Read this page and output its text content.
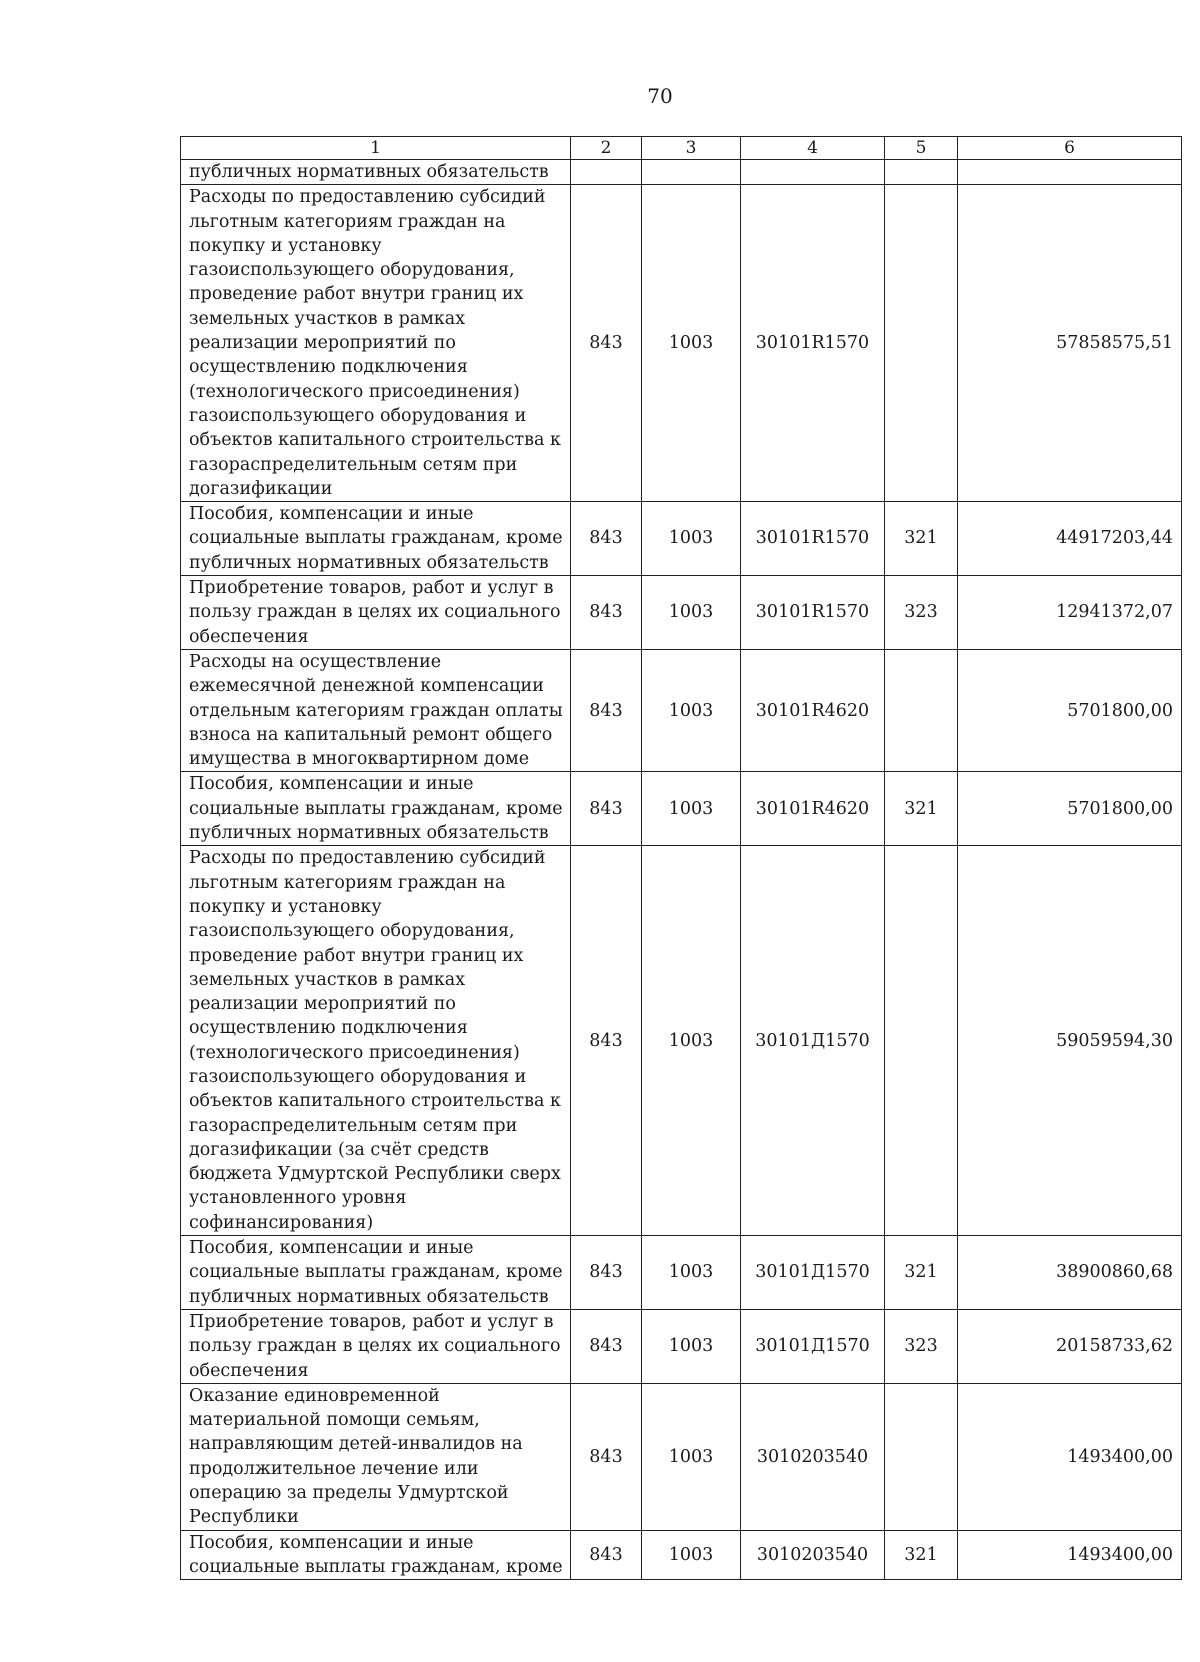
70
1	2	3	4	5	6
публичных нормативных обязательств					
Расходы по предоставлению субсидий льготным категориям граждан на покупку и установку газоиспользующего оборудования, проведение работ внутри границ их земельных участков в рамках реализации мероприятий по осуществлению подключения (технологического присоединения) газоиспользующего оборудования и объектов капитального строительства к газораспределительным сетям при догазификации	843	1003	30101R1570		57858575,51
Пособия, компенсации и иные социальные выплаты гражданам, кроме публичных нормативных обязательств	843	1003	30101R1570	321	44917203,44
Приобретение товаров, работ и услуг в пользу граждан в целях их социального обеспечения	843	1003	30101R1570	323	12941372,07
Расходы на осуществление ежемесячной денежной компенсации отдельным категориям граждан оплаты взноса на капитальный ремонт общего имущества в многоквартирном доме	843	1003	30101R4620		5701800,00
Пособия, компенсации и иные социальные выплаты гражданам, кроме публичных нормативных обязательств	843	1003	30101R4620	321	5701800,00
Расходы по предоставлению субсидий льготным категориям граждан на покупку и установку газоиспользующего оборудования, проведение работ внутри границ их земельных участков в рамках реализации мероприятий по осуществлению подключения (технологического присоединения) газоиспользующего оборудования и объектов капитального строительства к газораспределительным сетям при догазификации (за счёт средств бюджета Удмуртской Республики сверх установленного уровня софинансирования)	843	1003	30101Д1570		59059594,30
Пособия, компенсации и иные социальные выплаты гражданам, кроме публичных нормативных обязательств	843	1003	30101Д1570	321	38900860,68
Приобретение товаров, работ и услуг в пользу граждан в целях их социального обеспечения	843	1003	30101Д1570	323	20158733,62
Оказание единовременной материальной помощи семьям, направляющим детей-инвалидов на продолжительное лечение или операцию за пределы Удмуртской Республики	843	1003	3010203540		1493400,00
Пособия, компенсации и иные социальные выплаты гражданам, кроме	843	1003	3010203540	321	1493400,00
